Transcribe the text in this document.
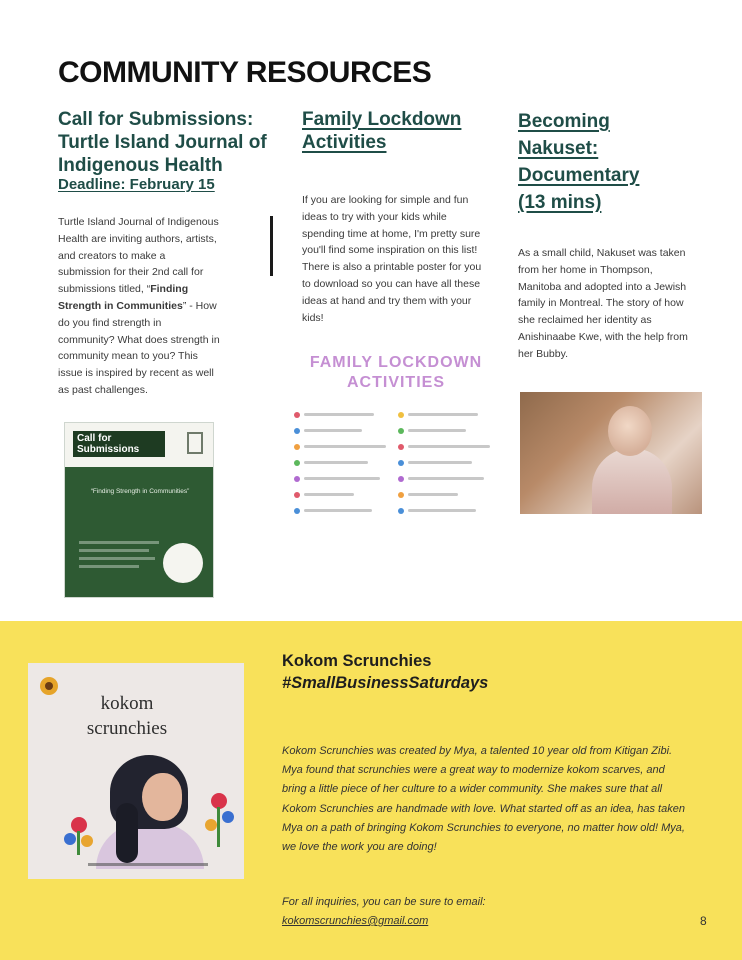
COMMUNITY RESOURCES
Call for Submissions: Turtle Island Journal of Indigenous Health
Deadline: February 15
Turtle Island Journal of Indigenous Health are inviting authors, artists, and creators to make a submission for their 2nd call for submissions titled, “Finding Strength in Communities” - How do you find strength in community? What does strength in community mean to you? This issue is inspired by recent as well as past challenges.
Call for Submissions
“Finding Strength in Communities”
Family Lockdown Activities
If you are looking for simple and fun ideas to try with your kids while spending time at home, I'm pretty sure you'll find some inspiration on this list! There is also a printable poster for you to download so you can have all these ideas at hand and try them with your kids!
FAMILY LOCKDOWN
ACTIVITIES
Becoming Nakuset: Documentary (13 mins)
As a small child, Nakuset was taken from her home in Thompson, Manitoba and adopted into a Jewish family in Montreal. The story of how she reclaimed her identity as Anishinaabe Kwe, with the help from her Bubby.
kokom
scrunchies
Kokom Scrunchies
#SmallBusinessSaturdays
Kokom Scrunchies was created by Mya, a talented 10 year old from Kitigan Zibi. Mya found that scrunchies were a great way to modernize kokom scarves, and bring a little piece of her culture to a wider community. She makes sure that all Kokom Scrunchies are handmade with love. What started off as an idea, has taken Mya on a path of bringing Kokom Scrunchies to everyone, no matter how old! Mya, we love the work you are doing!
For all inquiries, you can be sure to email:
kokomscrunchies@gmail.com	8
